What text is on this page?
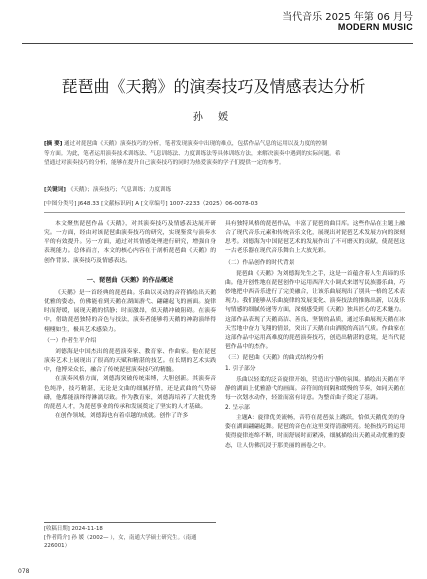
当代音乐 2025 年第 06 月号
MODERN MUSIC
琵琶曲《天鹅》的演奏技巧及情感表达分析
孙 媛
[摘 要] 通过对琵琶曲《天鹅》演奏技巧的分析，笔者发现演奏中出现的难点，包括作品气息的运用以及力度的控制
等方面。为此，笔者运用演奏技术训练法、气息训练法、力度训练法等具体训练方法，来解决演奏中遇到的实际问题。希
望通过对演奏技巧的分析，能够在提升自己演奏技巧的同时为热爱演奏的学子们提供一定的参考。
[关键词] 《天鹅》；演奏技巧；气息训练；力度训练
[中图分类号] J648.33 [文献标识码] A [文章编号] 1007-2233（2025）06-0078-03

本文聚焦琵琶作品《天鹅》，对其演奏技巧及情感表达展开研究。一方面，经由对该琵琶曲演奏技巧的研究，实现鉴赏与演奏水平的有效提升。另一方面，通过对其情感处理进行研究，增强自身表现能力。总体而言，本文的核心内容在于剖析琵琶曲《天鹅》的创作背景、演奏技巧及情感表达。

一、琵琶曲《天鹅》的作品概述

《天鹅》是一首经典的琵琶曲。乐曲以灵动的音符描绘出天鹅优雅的姿态，仿佛能看到天鹅在湖面游弋、翩翩起飞的画面。旋律时而舒缓，展现天鹅的恬静；时而激昂，似天鹅冲破阻碍。在演奏中，借助琵琶独特的音色与技法，演奏者能够将天鹅的神韵演绎得栩栩如生，极具艺术感染力。

（一）作者生平介绍

刘德海是中国杰出的琵琶演奏家、教育家、作曲家。他在琵琶演奏艺术上展现出了很高的天赋和精湛的技艺。在长期的艺术实践中，他博采众长，融合了传统琵琶演奏技巧的精髓。

在演奏风格方面，刘德海突破传统束缚，大胆创新。其演奏音色纯净，技巧精湛，无论是文曲的细腻抒情，还是武曲的气势磅礴，他都能演绎得淋漓尽致。作为教育家，刘德海培养了大批优秀的琵琶人才，为琵琶事业的传承和发展奠定了坚实的人才基础。

在创作领域，刘德海也有着卓越的成就。创作了许多

具有独特风格的琵琶作品，丰富了琵琶的曲目库。这些作品在主题上融合了现代音乐元素和传统音乐文化，展现出对琵琶艺术发展方向的深刻思考。刘德海为中国琵琶艺术的发展作出了不可磨灭的贡献，使琵琶这一古老乐器在现代音乐舞台上大放光彩。

（二）作品创作的时代背景

琵琶曲《天鹅》为刘德海先生之手，这是一首蕴含着人生真谛的乐曲。他开创性地在琵琶创作中运用西洋大小调式来谱写民族器乐曲，巧妙地把中西音乐进行了完美融合，让该乐曲展现出了别具一格的艺术表现力。我们能够从乐曲旋律的发展变化、演奏技法的推陈出新，以及乐句情感的细腻传递等方面，深刻感受到《天鹅》独具匠心的艺术魅力。这部作品表现了天鹅高洁、善良、坚韧的品质，通过乐曲展现天鹅在冰天雪地中奋力飞翔的情景，突出了天鹅自由洒脱的高洁气质。作曲家在这部作品中运用高难度的琵琶演奏技巧，创造出精湛的意境，是当代琵琶作品中的杰作。

（三）琵琶曲《天鹅》的曲式结构分析
1. 引子部分

乐曲以轻柔的泛音旋律开始，营造出宁静的氛围。描绘出天鹅在平静的湖面上优雅游弋的画面。音符间的间隔和缓慢的节奏，如同天鹅在每一次划水动作，轻盈而富有诗意。为整首曲子奠定了基调。

2. 呈示部

主题A：旋律优美流畅，音符在琵琶弦上跳跃，恰似天鹅优美的身姿在湖面翩翩起舞。琵琶的音色在这里变得清澈明亮。轮指技巧的运用使得旋律连绵不断，时而舒展时而紧凑，细腻描绘出天鹅灵动优雅的姿态，让人仿佛沉浸于那美丽的画卷之中。

[收稿日期] 2024-11-18
[作者简介] 孙 媛（2002— ），女，南通大学硕士研究生。（南通 226001）
078
